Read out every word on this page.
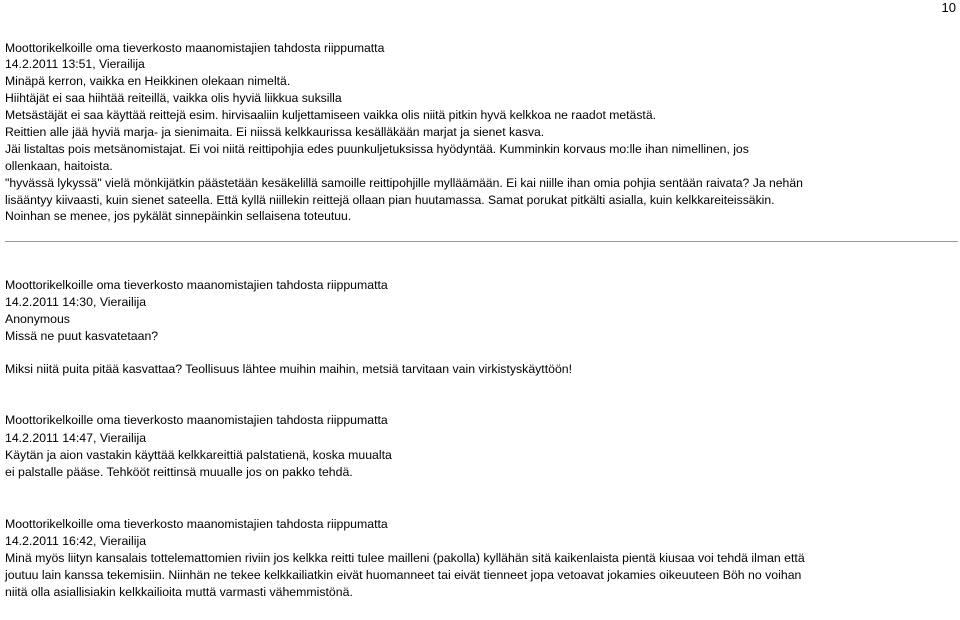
10
Moottorikelkoille oma tieverkosto maanomistajien tahdosta riippumatta
14.2.2011 13:51, Vierailija
Minäpä kerron, vaikka en Heikkinen olekaan nimeltä.
Hiihtäjät ei saa hiihtää reiteillä, vaikka olis hyviä liikkua suksilla
Metsästäjät ei saa käyttää reittejä esim. hirvisaaliin kuljettamiseen vaikka olis niitä pitkin hyvä kelkkoa ne raadot metästä.
Reittien alle jää hyviä marja- ja sienimaita. Ei niissä kelkkaurissa kesälläkään marjat ja sienet kasva.
Jäi listaltas pois metsänomistajat. Ei voi niitä reittipohjia edes puunkuljetuksissa hyödyntää. Kumminkin korvaus mo:lle ihan nimellinen, jos
ollenkaan, haitoista.
"hyvässä lykyssä" vielä mönkijätkin päästetään kesäkelillä samoille reittipohjille mylläämään. Ei kai niille ihan omia pohjia sentään raivata? Ja nehän
lisääntyy kiivaasti, kuin sienet sateella. Että kyllä niillekin reittejä ollaan pian huutamassa. Samat porukat pitkälti asialla, kuin kelkkareiteissäkin.
Noinhan se menee, jos pykälät sinnepäinkin sellaisena toteutuu.
Moottorikelkoille oma tieverkosto maanomistajien tahdosta riippumatta
14.2.2011 14:30, Vierailija
Anonymous
Missä ne puut kasvatetaan?
Miksi niitä puita pitää kasvattaa? Teollisuus lähtee muihin maihin, metsiä tarvitaan vain virkistyskäyttöön!
Moottorikelkoille oma tieverkosto maanomistajien tahdosta riippumatta
14.2.2011 14:47, Vierailija
Käytän ja aion vastakin käyttää kelkkareittiä palstatienä, koska muualta
ei palstalle pääse. Tehkööt reittinsä muualle jos on pakko tehdä.
Moottorikelkoille oma tieverkosto maanomistajien tahdosta riippumatta
14.2.2011 16:42, Vierailija
Minä myös liityn kansalais tottelemattomien riviin jos kelkka reitti tulee mailleni (pakolla) kyllähän sitä kaikenlaista pientä kiusaa voi tehdä ilman että
joutuu lain kanssa tekemisiin. Niinhän ne tekee kelkkailiatkin eivät huomanneet tai eivät tienneet jopa vetoavat jokamies oikeuuteen Böh no voihan
niitä olla asiallisiakin kelkkailioita muttä varmasti vähemmistönä.
